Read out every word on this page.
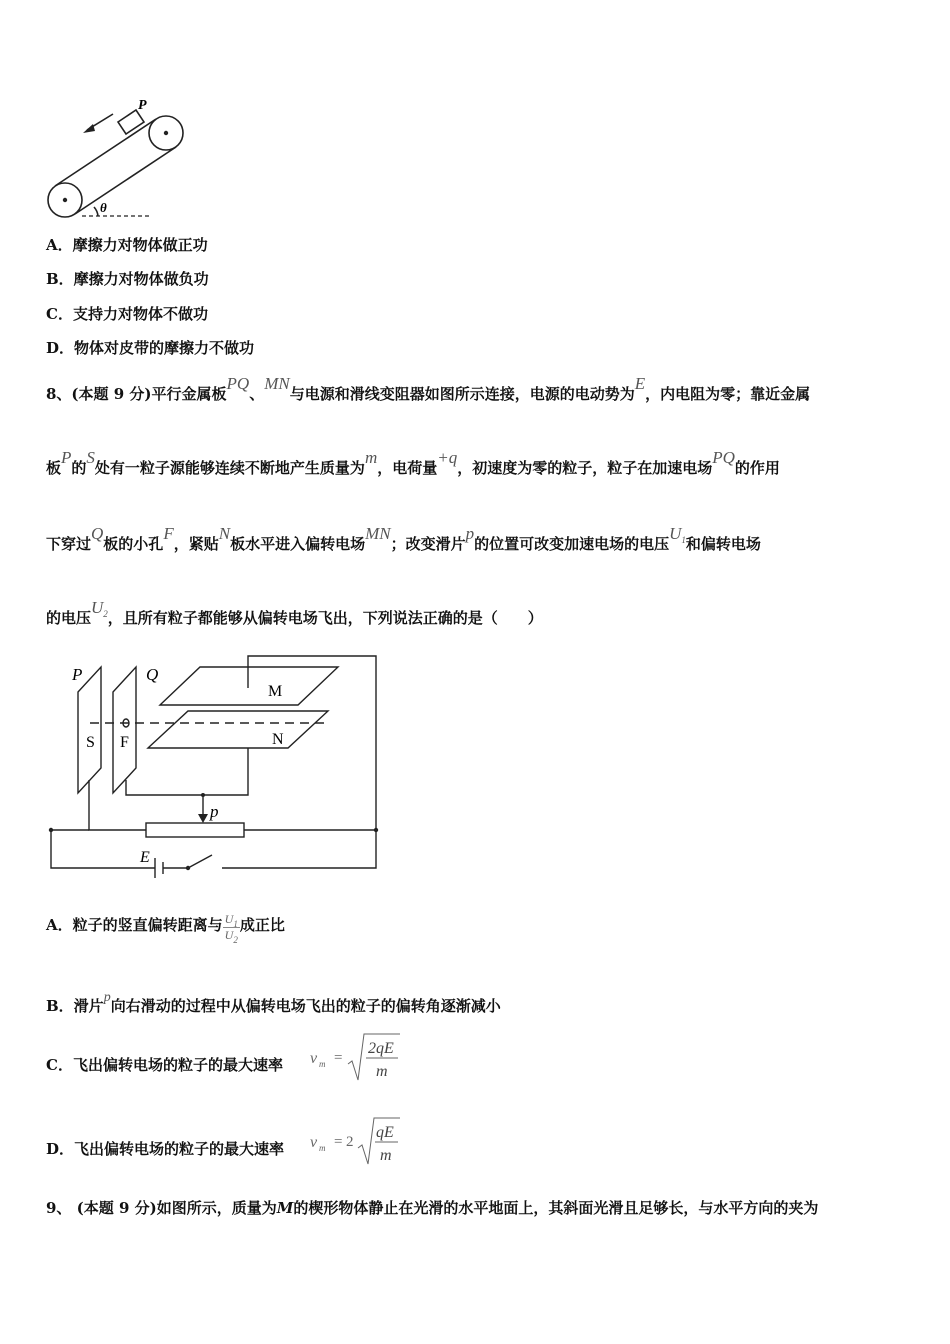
P
θ
A．摩擦力对物体做正功
B．摩擦力对物体做负功
C．支持力对物体不做功
D．物体对皮带的摩擦力不做功
8、(本题 9 分)平行金属板PQ、MN与电源和滑线变阻器如图所示连接，电源的电动势为E，内电阻为零；靠近金属
板P的S处有一粒子源能够连续不断地产生质量为m，电荷量+q，初速度为零的粒子，粒子在加速电场PQ的作用
下穿过Q板的小孔F，紧贴N板水平进入偏转电场MN；改变滑片p的位置可改变加速电场的电压$U_1$和偏转电场
的电压$U_2$，且所有粒子都能够从偏转电场飞出，下列说法正确的是（　　）
P	Q
S F
M
N
p
E
A．粒子的竖直偏转距离与 $\frac{U_1}{U_2}$ 成正比
B．滑片p向右滑动的过程中从偏转电场飞出的粒子的偏转角逐渐减小
C．飞出偏转电场的粒子的最大速率 v m =
2qE
m
D．飞出偏转电场的粒子的最大速率 v m = 2
qE
m
9、 (本题 9 分)如图所示，质量为M的楔形物体静止在光滑的水平地面上，其斜面光滑且足够长，与水平方向的夹为
